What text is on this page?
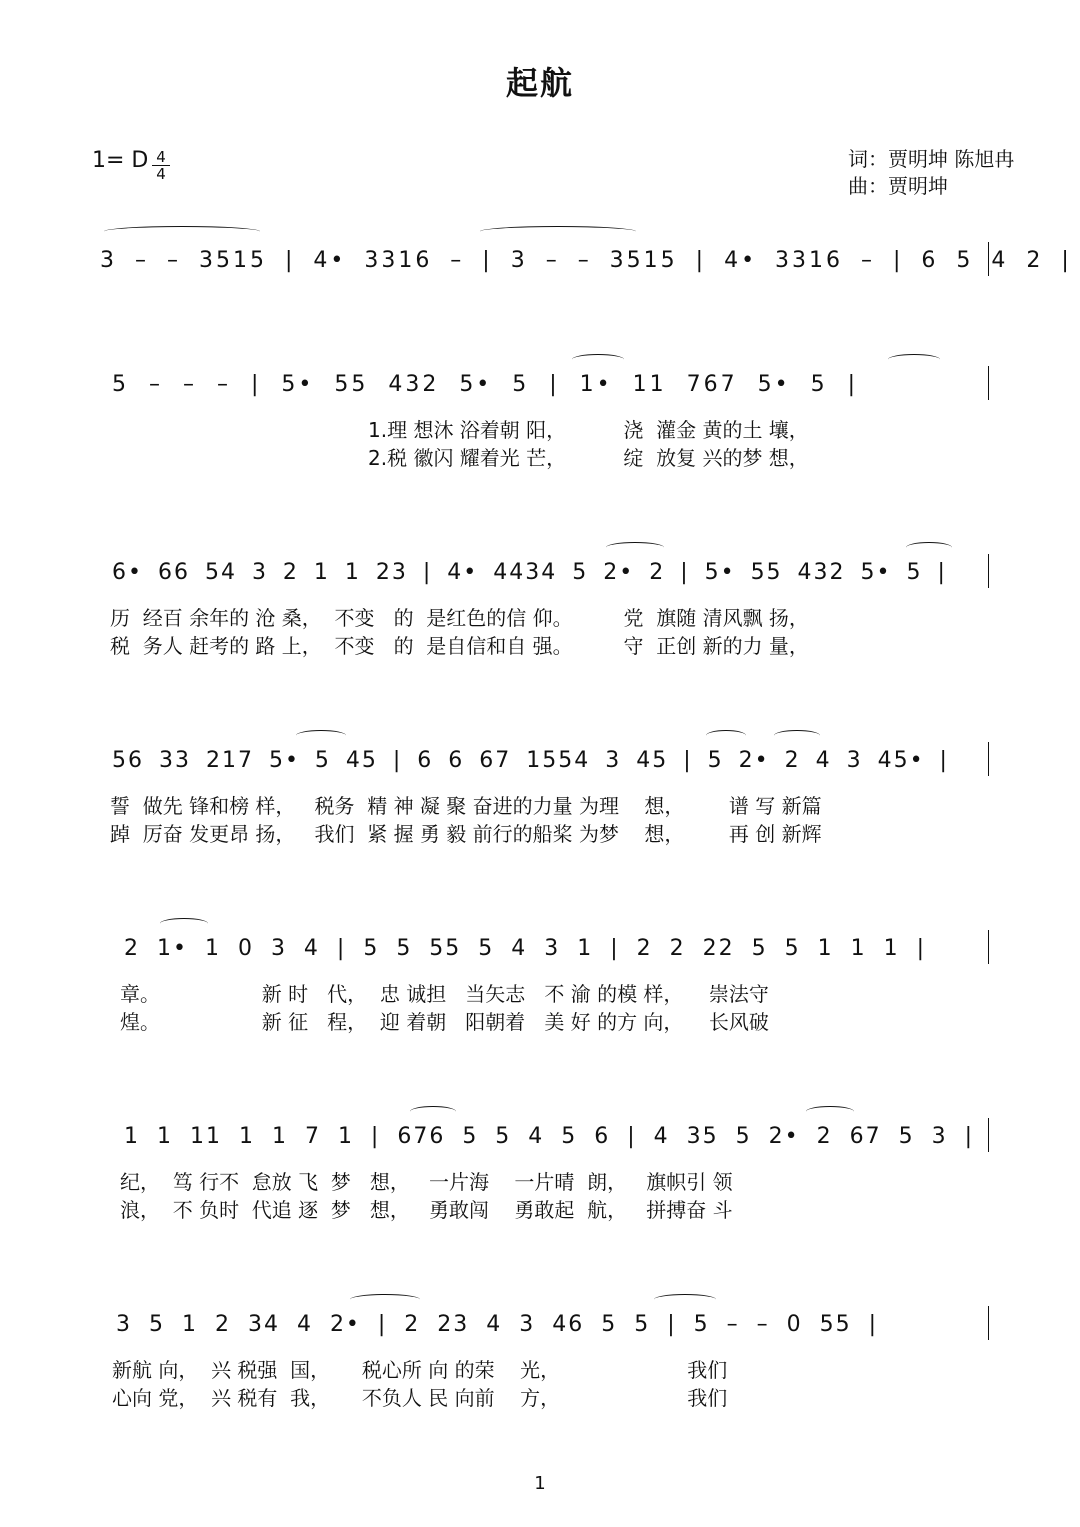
起航
1= D 4
4
词：贾明坤 陈旭冉
曲：贾明坤
3 – – 3515 | 4• 3316 – | 3 – – 3515 | 4• 3316 – | 6 5 4 2 |
5 – – – | 5• 55 432 5• 5 | 1• 11 767 5• 5 |
1.理 想沐 浴着朝 阳，         浇  灌金 黄的土 壤，
2.税 徽闪 耀着光 芒，         绽  放复 兴的梦 想，
6• 66 54 3 2 1 1 23 | 4• 4434 5 2• 2 | 5• 55 432 5• 5 |
历  经百 余年的 沧 桑，  不变   的  是红色的信 仰。        党  旗随 清风飘 扬，
税  务人 赶考的 路 上，  不变   的  是自信和自 强。        守  正创 新的力 量，
56 33 217 5• 5 45 | 6 6 67 1554 3 45 | 5 2• 2 4 3 45• |
誓  做先 锋和榜 样，   税务  精 神 凝 聚 奋进的力量 为理    想，       谱 写 新篇
踔  厉奋 发更昂 扬，   我们  紧 握 勇 毅 前行的船桨 为梦    想，       再 创 新辉
2 1• 1 0 3 4 | 5 5 55 5 4 3 1 | 2 2 22 5 5 1 1 1 |
章。                新 时   代，  忠 诚担   当矢志   不 渝 的模 样，    崇法守
煌。                新 征   程，  迎 着朝   阳朝着   美 好 的方 向，    长风破
1 1 11 1 1 7 1 | 676 5 5 4 5 6 | 4 35 5 2• 2 67 5 3 |
纪，  笃 行不  怠放 飞  梦   想，   一片海    一片晴  朗，   旗帜引 领
浪，  不 负时  代追 逐  梦   想，   勇敢闯    勇敢起  航，   拼搏奋 斗
3 5 1 2 34 4 2• | 2 23 4 3 46 5 5 | 5 – – 0 55 |
新航 向，  兴 税强  国，     税心所 向 的荣    光，                    我们
心向 党，  兴 税有  我，     不负人 民 向前    方，                    我们
1
